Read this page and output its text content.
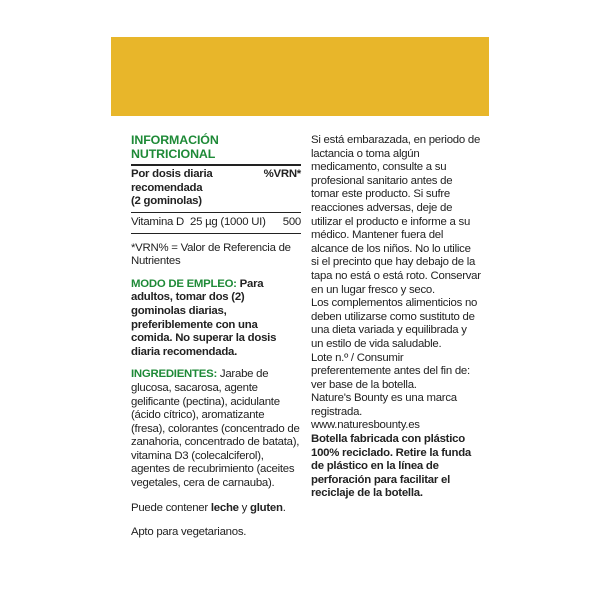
INFORMACIÓN NUTRICIONAL
Por dosis diaria
recomendada
(2 gominolas)
%VRN*
Vitamina D 25 µg (1000 UI)	500
*VRN% = Valor de Referencia de Nutrientes
MODO DE EMPLEO: Para adultos, tomar dos (2) gominolas diarias, preferiblemente con una comida. No superar la dosis diaria recomendada.
INGREDIENTES: Jarabe de glucosa, sacarosa, agente gelificante (pectina), acidulante (ácido cítrico), aromatizante (fresa), colorantes (concentrado de zanahoria, concentrado de batata), vitamina D3 (colecalciferol), agentes de recubrimiento (aceites vegetales, cera de carnauba).
Puede contener leche y gluten.
Apto para vegetarianos.

Si está embarazada, en periodo de lactancia o toma algún medicamento, consulte a su profesional sanitario antes de tomar este producto. Si sufre reacciones adversas, deje de utilizar el producto e informe a su médico. Mantener fuera del alcance de los niños. No lo utilice si el precinto que hay debajo de la tapa no está o está roto. Conservar en un lugar fresco y seco.

Los complementos alimenticios no deben utilizarse como sustituto de una dieta variada y equilibrada y un estilo de vida saludable.

Lote n.º / Consumir preferentemente antes del fin de: ver base de la botella.

Nature's Bounty es una marca registrada.

www.naturesbounty.es

Botella fabricada con plástico 100% reciclado. Retire la funda de plástico en la línea de perforación para facilitar el reciclaje de la botella.
